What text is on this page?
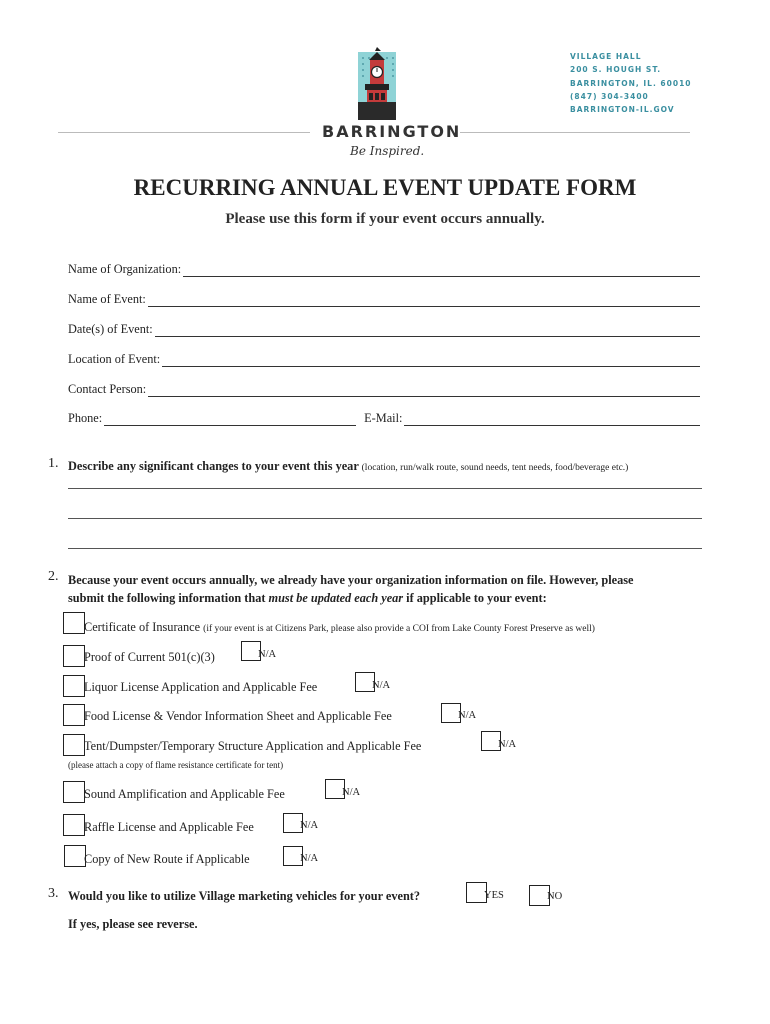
VILLAGE HALL
200 S. HOUGH ST.
BARRINGTON, IL. 60010
(847) 304-3400
BARRINGTON-IL.GOV
BARRINGTON
Be Inspired.
RECURRING ANNUAL EVENT UPDATE FORM
Please use this form if your event occurs annually.
Name of Organization:
Name of Event:
Date(s) of Event:
Location of Event:
Contact Person:
Phone:	E-Mail:
1. Describe any significant changes to your event this year (location, run/walk route, sound needs, tent needs, food/beverage etc.)
2. Because your event occurs annually, we already have your organization information on file. However, please
submit the following information that must be updated each year if applicable to your event:
Certificate of Insurance (if your event is at Citizens Park, please also provide a COI from Lake County Forest Preserve as well)
Proof of Current 501(c)(3)	N/A
Liquor License Application and Applicable Fee	N/A
Food License & Vendor Information Sheet and Applicable Fee	N/A
Tent/Dumpster/Temporary Structure Application and Applicable Fee	N/A
(please attach a copy of flame resistance certificate for tent)
Sound Amplification and Applicable Fee	N/A
Raffle License and Applicable Fee	N/A
Copy of New Route if Applicable	N/A
3. Would you like to utilize Village marketing vehicles for your event?	YES	NO
If yes, please see reverse.
